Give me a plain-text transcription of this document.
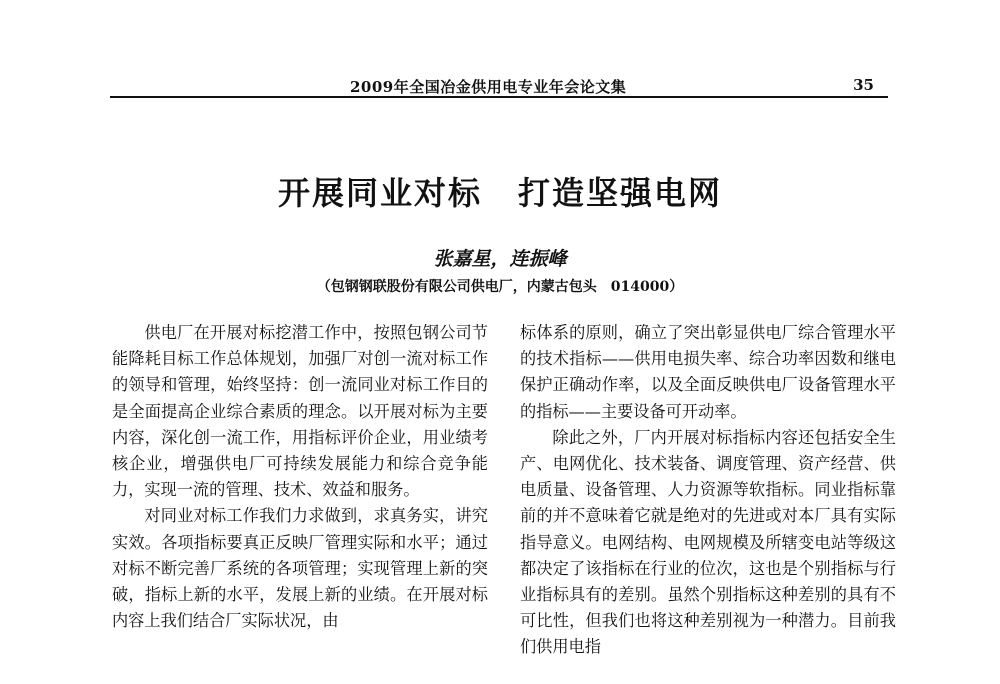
2009年全国冶金供用电专业年会论文集	35
开展同业对标 打造坚强电网
张嘉星，连振峰
（包钢钢联股份有限公司供电厂，内蒙古包头　014000）

供电厂在开展对标挖潜工作中，按照包钢公司节能降耗目标工作总体规划，加强厂对创一流对标工作的领导和管理，始终坚持：创一流同业对标工作目的是全面提高企业综合素质的理念。以开展对标为主要内容，深化创一流工作，用指标评价企业，用业绩考核企业，增强供电厂可持续发展能力和综合竞争能力，实现一流的管理、技术、效益和服务。

对同业对标工作我们力求做到，求真务实，讲究实效。各项指标要真正反映厂管理实际和水平；通过对标不断完善厂系统的各项管理；实现管理上新的突破，指标上新的水平，发展上新的业绩。在开展对标内容上我们结合厂实际状况，由

标体系的原则，确立了突出彰显供电厂综合管理水平的技术指标——供用电损失率、综合功率因数和继电保护正确动作率，以及全面反映供电厂设备管理水平的指标——主要设备可开动率。

除此之外，厂内开展对标指标内容还包括安全生产、电网优化、技术装备、调度管理、资产经营、供电质量、设备管理、人力资源等软指标。同业指标靠前的并不意味着它就是绝对的先进或对本厂具有实际指导意义。电网结构、电网规模及所辖变电站等级这都决定了该指标在行业的位次，这也是个别指标与行业指标具有的差别。虽然个别指标这种差别的具有不可比性，但我们也将这种差别视为一种潜力。目前我们供用电指
